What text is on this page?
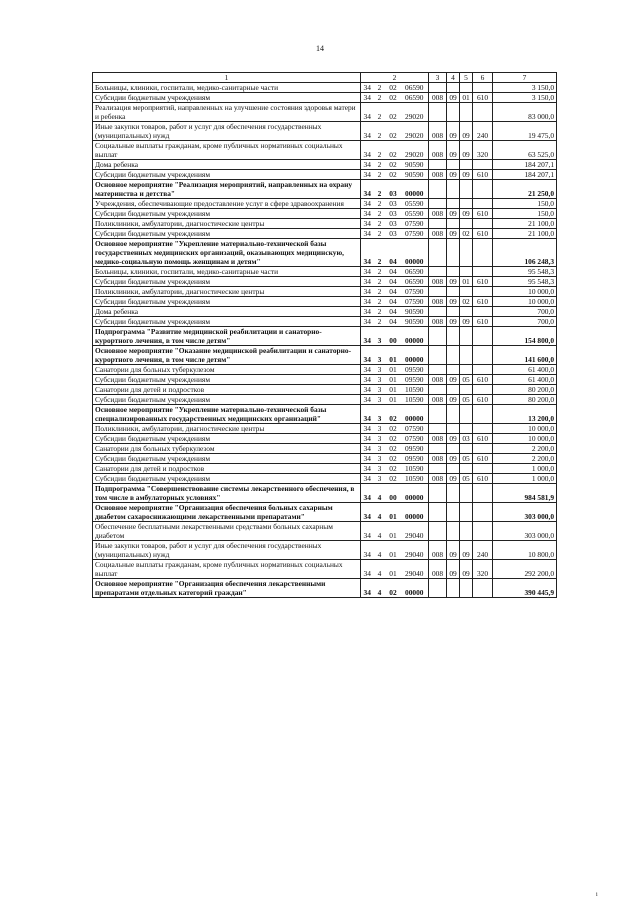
14
1	2				3	4	5	6	7
Больницы, клиники, госпитали, медико-санитарные части	34	2	02	06590					3 150,0
Субсидии бюджетным учреждениям	34	2	02	06590	008	09	01	610	3 150,0
Реализация мероприятий, направленных на улучшение состояния здоровья матери и ребенка	34	2	02	29020					83 000,0
Иные закупки товаров, работ и услуг для обеспечения государственных (муниципальных) нужд	34	2	02	29020	008	09	09	240	19 475,0
Социальные выплаты гражданам, кроме публичных нормативных социальных выплат	34	2	02	29020	008	09	09	320	63 525,0
Дома ребенка	34	2	02	90590					184 207,1
Субсидии бюджетным учреждениям	34	2	02	90590	008	09	09	610	184 207,1
Основное мероприятие "Реализация мероприятий, направленных на охрану материнства и детства"	34	2	03	00000					21 250,0
Учреждения, обеспечивающие предоставление услуг в сфере здравоохранения	34	2	03	05590					150,0
Субсидии бюджетным учреждениям	34	2	03	05590	008	09	09	610	150,0
Поликлиники, амбулатории, диагностические центры	34	2	03	07590					21 100,0
Субсидии бюджетным учреждениям	34	2	03	07590	008	09	02	610	21 100,0
Основное мероприятие "Укрепление материально-технической базы государственных медицинских организаций, оказывающих медицинскую, медико-социальную помощь женщинам и детям"	34	2	04	00000					106 248,3
Больницы, клиники, госпитали, медико-санитарные части	34	2	04	06590					95 548,3
Субсидии бюджетным учреждениям	34	2	04	06590	008	09	01	610	95 548,3
Поликлиники, амбулатории, диагностические центры	34	2	04	07590					10 000,0
Субсидии бюджетным учреждениям	34	2	04	07590	008	09	02	610	10 000,0
Дома ребенка	34	2	04	90590					700,0
Субсидии бюджетным учреждениям	34	2	04	90590	008	09	09	610	700,0
Подпрограмма "Развитие медицинской реабилитации и санаторно-курортного лечения, в том числе детям"	34	3	00	00000					154 800,0
Основное мероприятие "Оказание медицинской реабилитации и санаторно-курортного лечения, в том числе детям"	34	3	01	00000					141 600,0
Санатории для больных туберкулезом	34	3	01	09590					61 400,0
Субсидии бюджетным учреждениям	34	3	01	09590	008	09	05	610	61 400,0
Санатории для детей и подростков	34	3	01	10590					80 200,0
Субсидии бюджетным учреждениям	34	3	01	10590	008	09	05	610	80 200,0
Основное мероприятие "Укрепление материально-технической базы специализированных государственных медицинских организаций"	34	3	02	00000					13 200,0
Поликлиники, амбулатории, диагностические центры	34	3	02	07590					10 000,0
Субсидии бюджетным учреждениям	34	3	02	07590	008	09	03	610	10 000,0
Санатории для больных туберкулезом	34	3	02	09590					2 200,0
Субсидии бюджетным учреждениям	34	3	02	09590	008	09	05	610	2 200,0
Санатории для детей и подростков	34	3	02	10590					1 000,0
Субсидии бюджетным учреждениям	34	3	02	10590	008	09	05	610	1 000,0
Подпрограмма "Совершенствование системы лекарственного обеспечения, в том числе в амбулаторных условиях"	34	4	00	00000					984 581,9
Основное мероприятие "Организация обеспечения больных сахарным диабетом сахароснижающими лекарственными препаратами"	34	4	01	00000					303 000,0
Обеспечение бесплатными лекарственными средствами больных сахарным диабетом	34	4	01	29040					303 000,0
Иные закупки товаров, работ и услуг для обеспечения государственных (муниципальных) нужд	34	4	01	29040	008	09	09	240	10 800,0
Социальные выплаты гражданам, кроме публичных нормативных социальных выплат	34	4	01	29040	008	09	09	320	292 200,0
Основное мероприятие "Организация обеспечения лекарственными препаратами отдельных категорий граждан"	34	4	02	00000					390 445,9
i
